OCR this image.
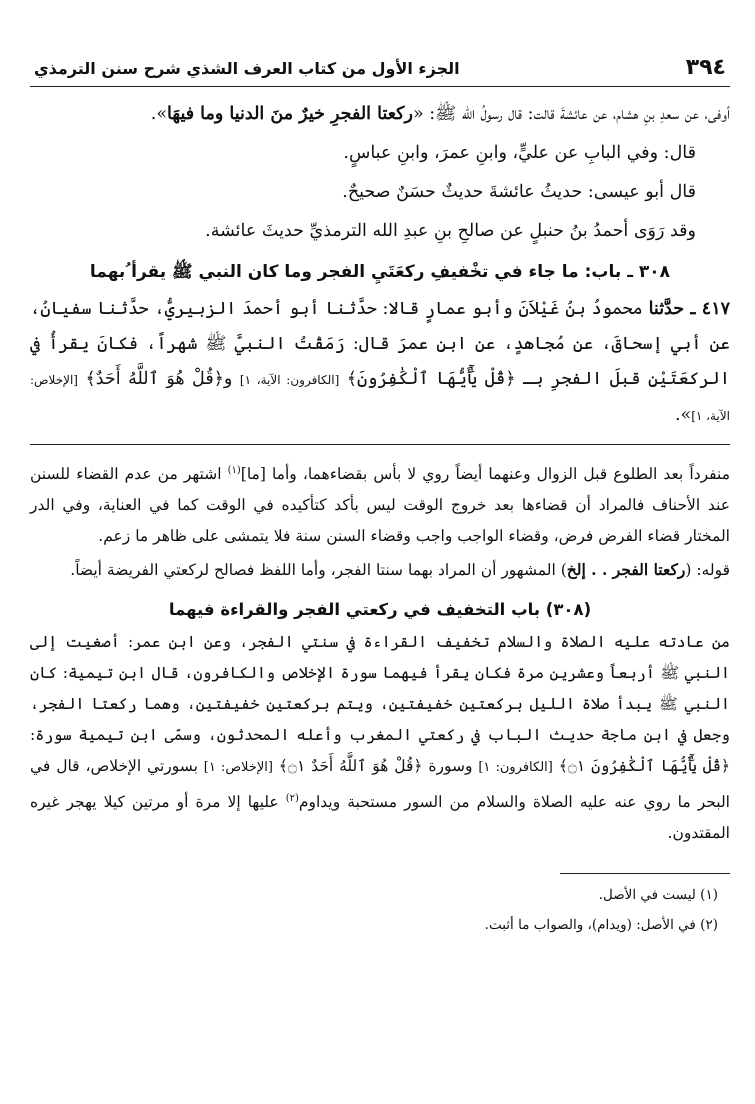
٣٩٤
الجزء الأول من كتاب العرف الشذي شرح سنن الترمذي

أوفى، عن سعدِ بنِ هشام، عن عائشةَ قالت: قال رسولُ الله ﷺ: «ركعتا الفجرِ خيرٌ منَ الدنيا وما فيهَا».

قال: وفي البابِ عن عليٍّ، وابنِ عمرَ، وابنِ عباسٍ.

قال أبو عيسى: حديثُ عائشةَ حديثٌ حسَنٌ صحيحٌ.

وقد رَوَى أحمدُ بنُ حنبلٍ عن صالحِ بنِ عبدِ الله الترمذيِّ حديثَ عائشة.

٣٠٨ ـ باب: ما جاء في تخْفيفِ ركعَتَيِ الفجر وما كان النبي ﷺ يقرأ ُبهما

٤١٧ ـ حدَّثنا محمودُ بنُ غَيْلاَنَ وأبو عمارٍ قالا: حدَّثنا أبو أحمدَ الزبيريُّ، حدَّثنا سفيانُ، عن أبي إسحاقَ، عن مُجاهدٍ، عن ابنِ عمرَ قال: رَمَقْتُ النبيَّ ﷺ شهراً، فكانَ يقرأُ في الركعَتَيْنِ قبلَ الفجرِ بـ ﴿قُلْ يَٰٓأَيُّهَا ٱلْكَٰفِرُونَ﴾ [الكافرون: الآية، ١] و﴿قُلْ هُوَ ٱللَّهُ أَحَدٌ﴾ [الإخلاص: الآية، ١]».

منفرداً بعد الطلوع قبل الزوال وعنهما أيضاً روي لا بأس بقضاءهما، وأما [ما]$^{(١)}$ اشتهر من عدم القضاء للسنن عند الأحناف فالمراد أن قضاءها بعد خروج الوقت ليس بأكد كتأكيده في الوقت كما في العناية، وفي الدر المختار قضاء الفرض فرض، وقضاء الواجب واجب وقضاء السنن سنة فلا يتمشى على ظاهر ما زعم.

قوله: (ركعتا الفجر . . إلخ) المشهور أن المراد بهما سنتا الفجر، وأما اللفظ فصالح لركعتي الفريضة أيضاً.

(٣٠٨) باب التخفيف في ركعتي الفجر والقراءة فيهما

من عادته عليه الصلاة والسلام تخفيف القراءة في سنتي الفجر، وعن ابن عمر: أصغيت إلى النبي ﷺ أربعاً وعشرين مرة فكان يقرأ فيهما سورة الإخلاص والكافرون، قال ابن تيمية: كان النبي ﷺ يبدأ صلاة الليل بركعتين خفيفتين، ويتم بركعتين خفيفتين، وهما ركعتا الفجر، وجعل في ابن ماجة حديث الباب في ركعتي المغرب وأعله المحدثون، وسمّى ابن تيمية سورة: ﴿قُلْ يَٰٓأَيُّهَا ٱلْكَٰفِرُونَ ۝١﴾ [الكافرون: ١] وسورة ﴿قُلْ هُوَ ٱللَّهُ أَحَدٌ ۝١﴾ [الإخلاص: ١] بسورتي الإخلاص، قال في البحر ما روي عنه عليه الصلاة والسلام من السور مستحبة ويداوم$^{(٢)}$ عليها إلا مرة أو مرتين كيلا يهجر غيره المقتدون.

(١) ليست في الأصل.
(٢) في الأصل: (ويدام)، والصواب ما أثبت.
